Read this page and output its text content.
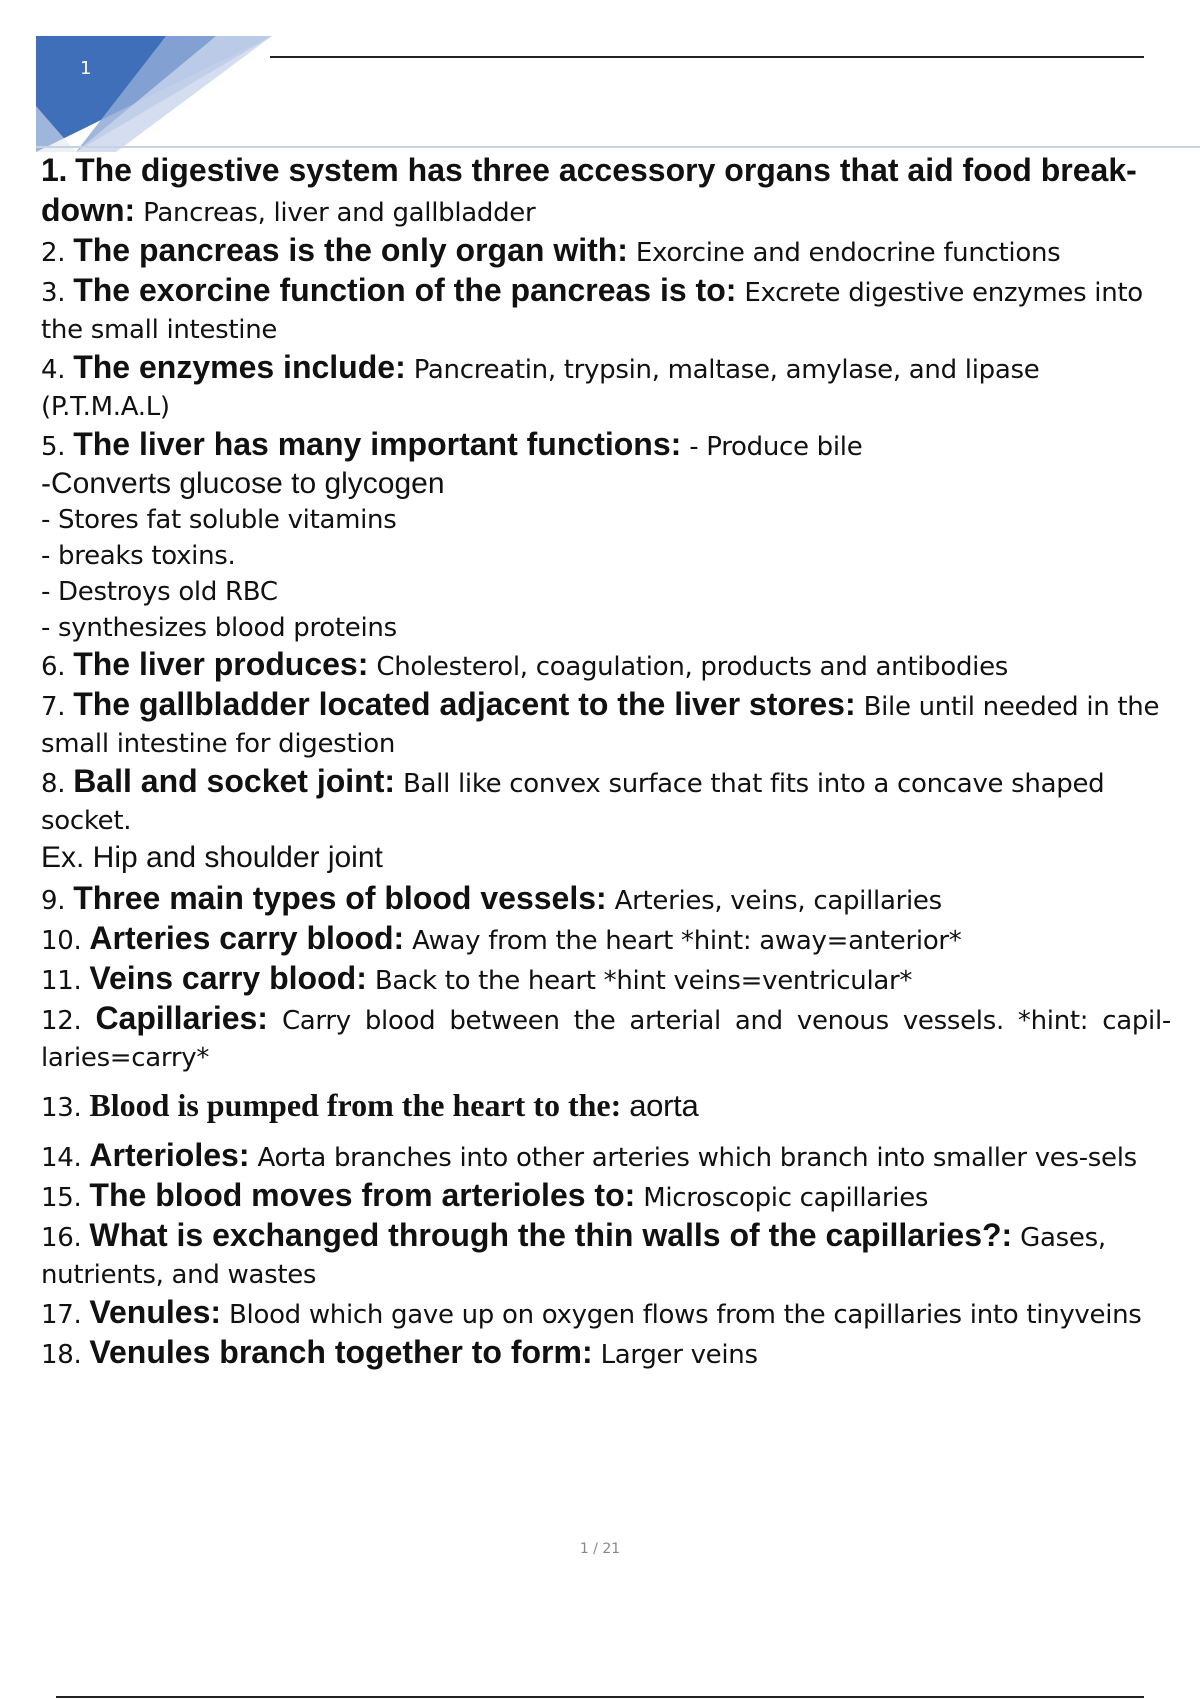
1

1. The digestive system has three accessory organs that aid food break-down: Pancreas, liver and gallbladder

2. The pancreas is the only organ with: Exorcine and endocrine functions

3. The exorcine function of the pancreas is to: Excrete digestive enzymes into the small intestine

4. The enzymes include: Pancreatin, trypsin, maltase, amylase, and lipase (P.T.M.A.L)

5. The liver has many important functions: - Produce bile

-Converts glucose to glycogen

- Stores fat soluble vitamins

- breaks toxins.

- Destroys old RBC

- synthesizes blood proteins

6. The liver produces: Cholesterol, coagulation, products and antibodies

7. The gallbladder located adjacent to the liver stores: Bile until needed in the small intestine for digestion

8. Ball and socket joint: Ball like convex surface that fits into a concave shaped socket.

Ex. Hip and shoulder joint

9. Three main types of blood vessels: Arteries, veins, capillaries

10. Arteries carry blood: Away from the heart *hint: away=anterior*

11. Veins carry blood: Back to the heart *hint veins=ventricular*

12. Capillaries: Carry blood between the arterial and venous vessels. *hint: capil-laries=carry*

13. Blood is pumped from the heart to the: aorta

14. Arterioles: Aorta branches into other arteries which branch into smaller ves-sels

15. The blood moves from arterioles to: Microscopic capillaries

16. What is exchanged through the thin walls of the capillaries?: Gases, nutrients, and wastes

17. Venules: Blood which gave up on oxygen flows from the capillaries into tinyveins

18. Venules branch together to form: Larger veins

1 / 21
